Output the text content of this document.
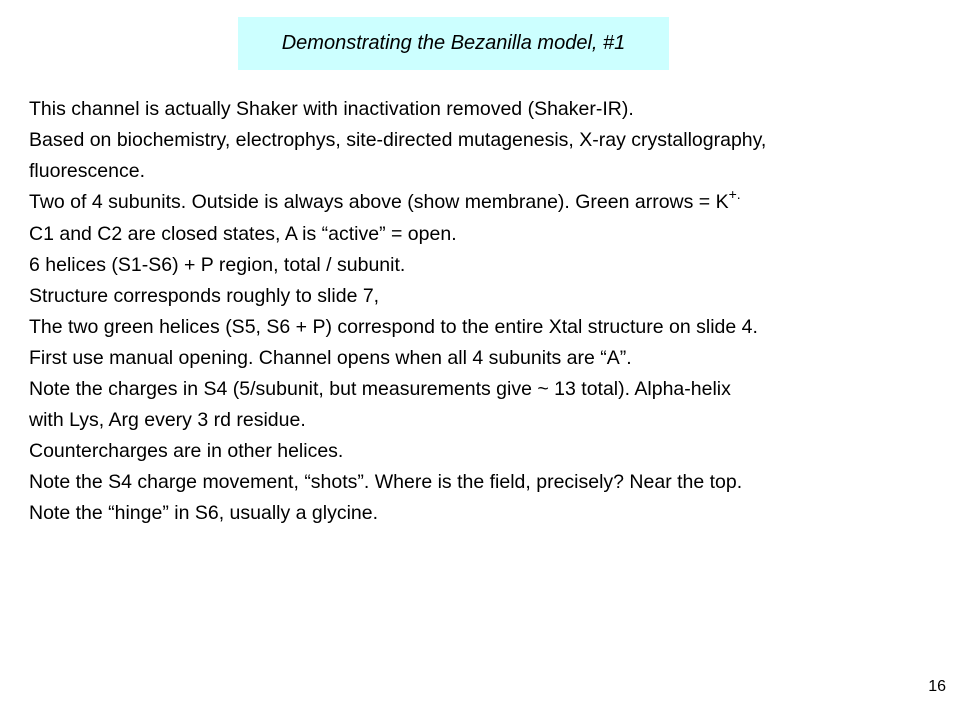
Demonstrating the Bezanilla model, #1

This channel is actually Shaker with inactivation removed (Shaker-IR).

Based on biochemistry, electrophys, site-directed mutagenesis, X-ray crystallography,

fluorescence.

Two of 4 subunits. Outside is always above (show membrane). Green arrows = K+.

C1 and C2 are closed states, A is “active” = open.

6 helices (S1-S6) + P region, total / subunit.

Structure corresponds roughly to slide 7,

The two green helices (S5, S6 + P) correspond to the entire Xtal structure on slide 4.

First use manual opening. Channel opens when all 4 subunits are “A”.

Note the charges in S4 (5/subunit, but measurements give ~ 13 total). Alpha-helix

with Lys, Arg every 3 rd residue.

Countercharges are in other helices.

Note the S4 charge movement, “shots”. Where is the field, precisely? Near the top.

Note the “hinge” in S6, usually a glycine.

16
